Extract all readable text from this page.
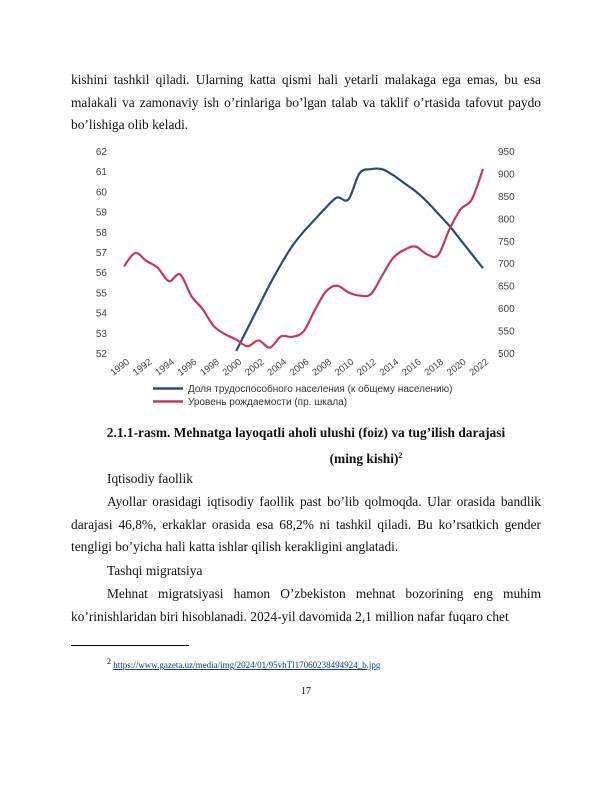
kishini tashkil qiladi. Ularning katta qismi hali yetarli malakaga ega emas, bu esa malakali va zamonaviy ish o’rinlariga bo’lgan talab va taklif o’rtasida tafovut paydo bo’lishiga olib keladi.

52
53
54
55
56
57
58
59
60
61
62
500
550
600
650
700
750
800
850
900
950
1990 1992 1994 1996 1998 2000 2002 2004 2006 2008 2010 2012 2014 2016 2018 2020 2022
Доля трудоспособного населения (к общему населению)
Уровень рождаемости (пр. шкала)
2.1.1-rasm. Mehnatga layoqatli aholi ulushi (foiz) va tug’ilish darajasi
(ming kishi)$^2$
Iqtisodiy faollik

Ayollar orasidagi iqtisodiy faollik past bo’lib qolmoqda. Ular orasida bandlik darajasi 46,8%, erkaklar orasida esa 68,2% ni tashkil qiladi. Bu ko’rsatkich gender tengligi bo’yicha hali katta ishlar qilish kerakligini anglatadi.

Tashqi migratsiya

Mehnat migratsiyasi hamon O’zbekiston mehnat bozorining eng muhim ko’rinishlaridan biri hisoblanadi. 2024-yil davomida 2,1 million nafar fuqaro chet

$^2$ https://www.gazeta.uz/media/img/2024/01/95vhTl17060238494924_b.jpg
17
